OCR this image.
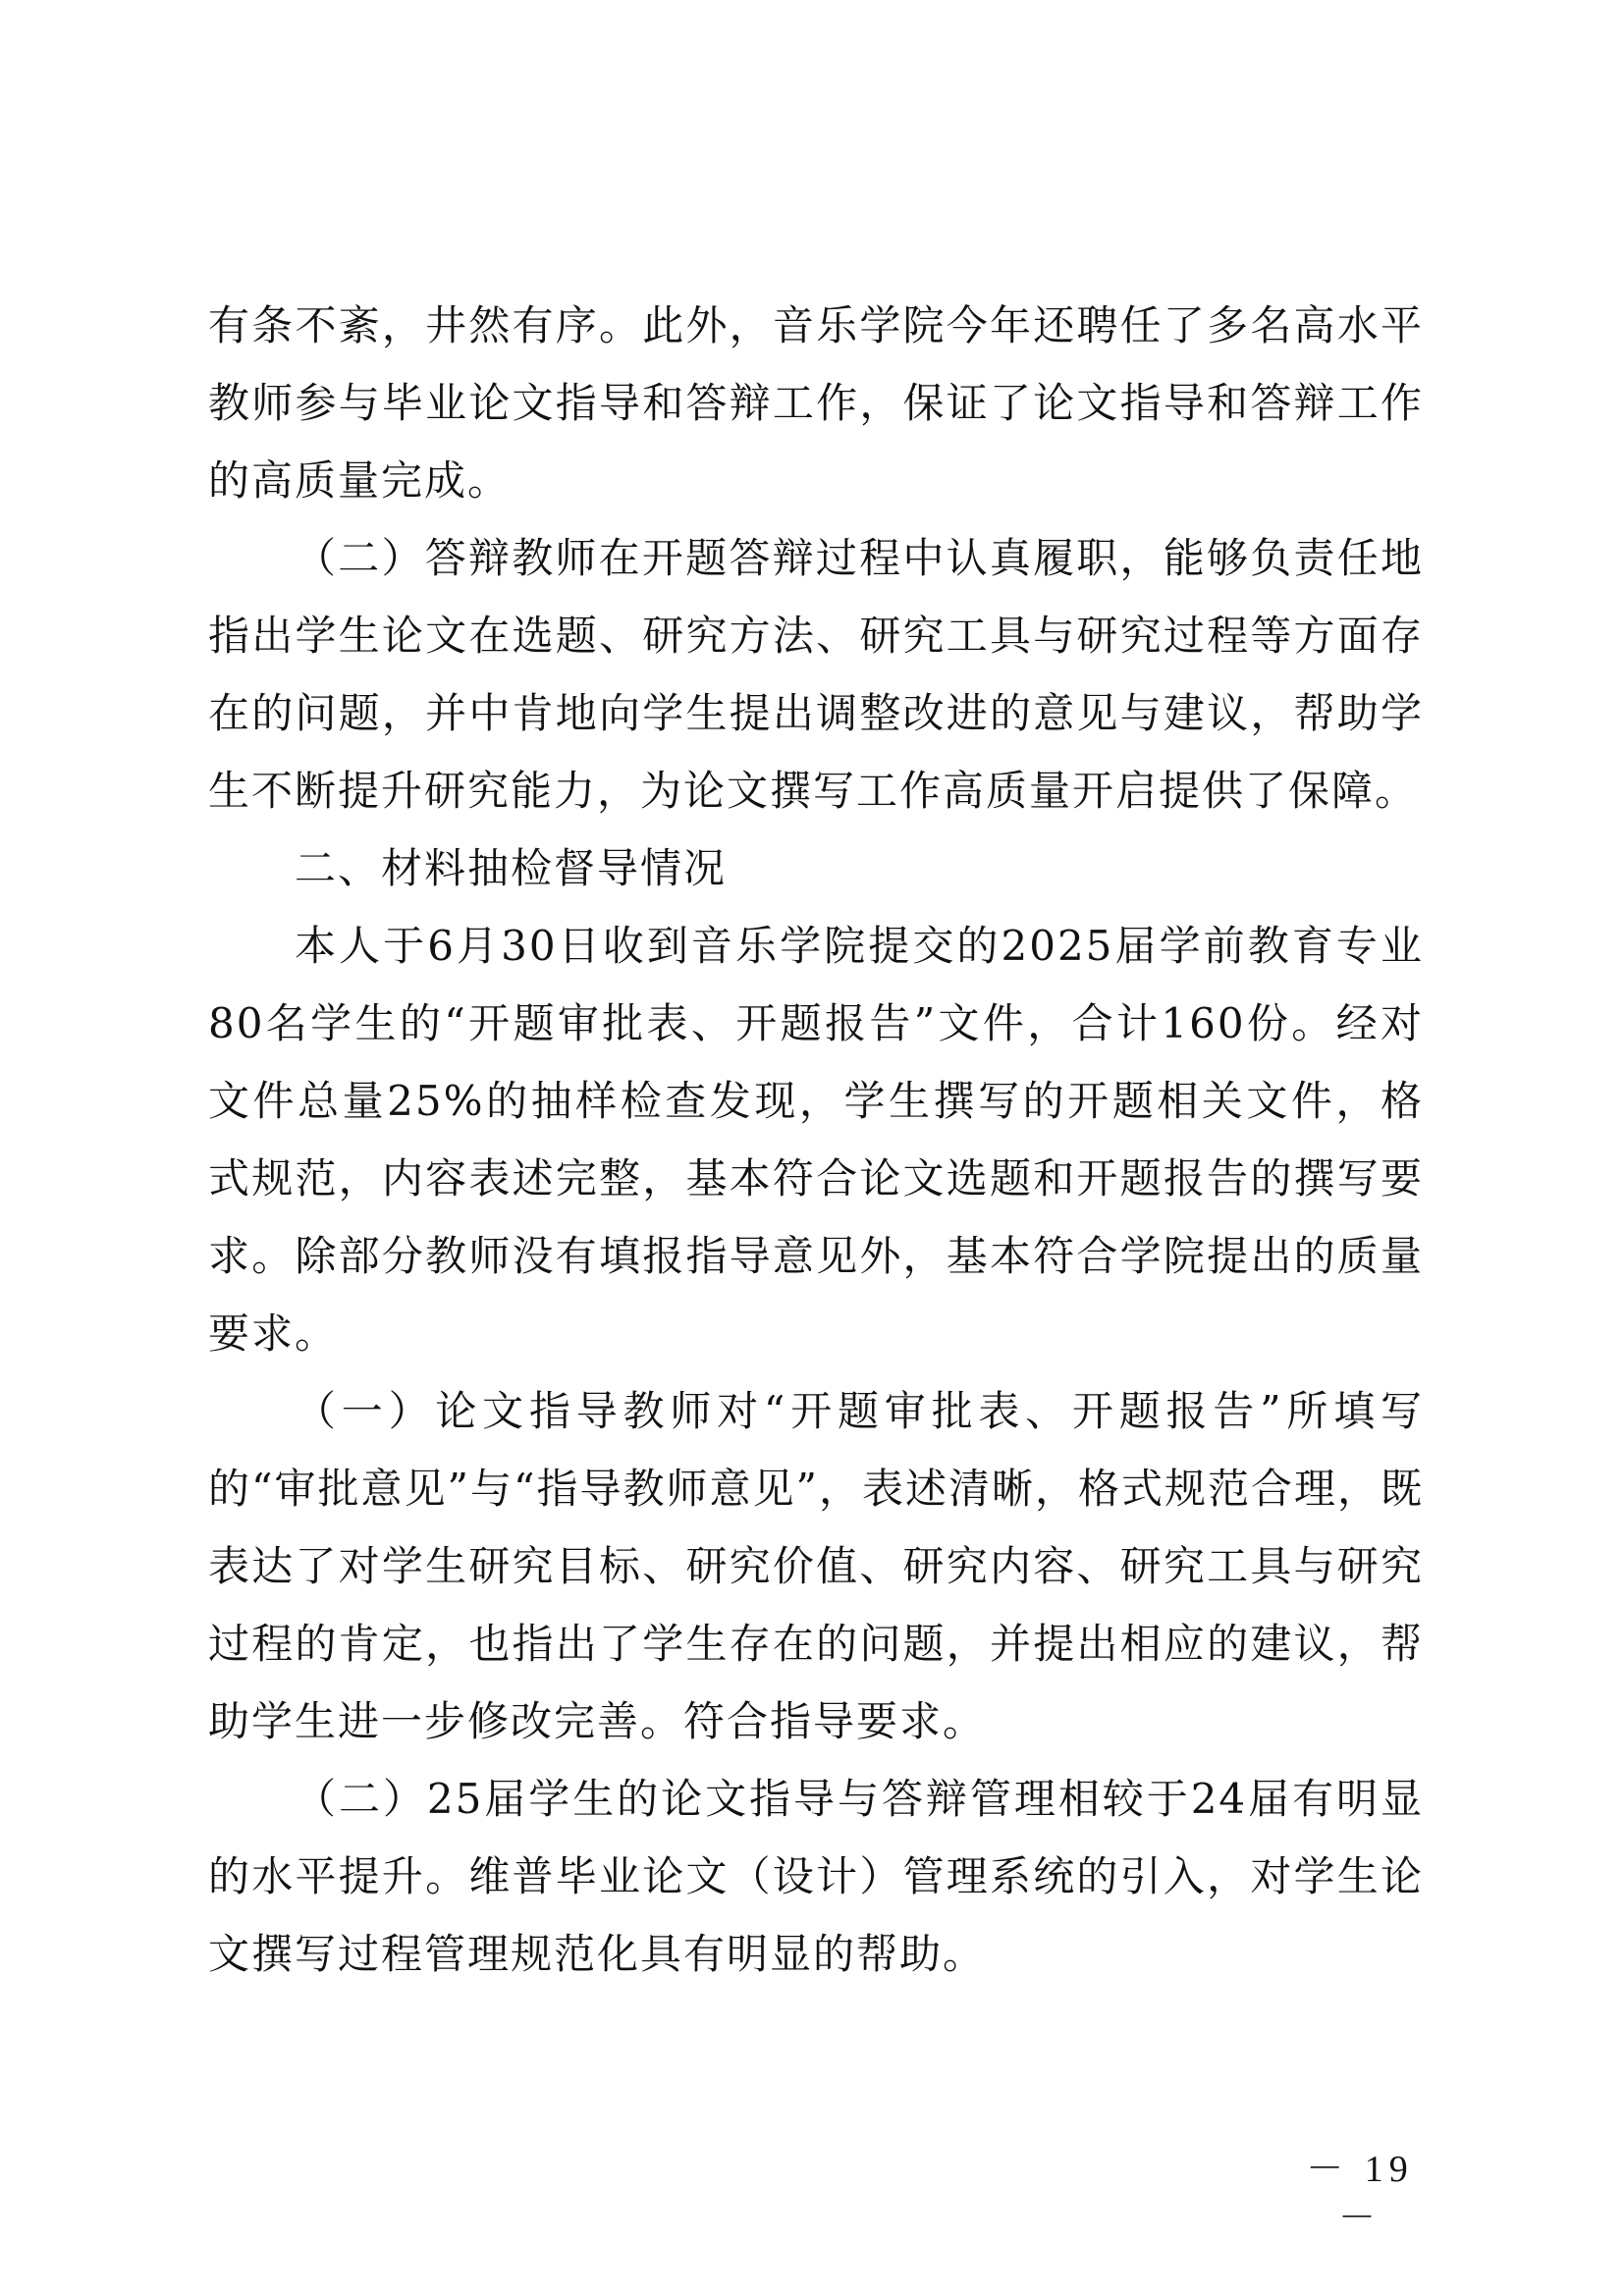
有条不紊，井然有序。此外，音乐学院今年还聘任了多名高水平教师参与毕业论文指导和答辩工作，保证了论文指导和答辩工作的高质量完成。

（二）答辩教师在开题答辩过程中认真履职，能够负责任地指出学生论文在选题、研究方法、研究工具与研究过程等方面存在的问题，并中肯地向学生提出调整改进的意见与建议，帮助学生不断提升研究能力，为论文撰写工作高质量开启提供了保障。

二、材料抽检督导情况

本人于6月30日收到音乐学院提交的2025届学前教育专业80名学生的“开题审批表、开题报告”文件，合计160份。经对文件总量25%的抽样检查发现，学生撰写的开题相关文件，格式规范，内容表述完整，基本符合论文选题和开题报告的撰写要求。除部分教师没有填报指导意见外，基本符合学院提出的质量要求。

（一）论文指导教师对“开题审批表、开题报告”所填写的“审批意见”与“指导教师意见”，表述清晰，格式规范合理，既表达了对学生研究目标、研究价值、研究内容、研究工具与研究过程的肯定，也指出了学生存在的问题，并提出相应的建议，帮助学生进一步修改完善。符合指导要求。

（二）25届学生的论文指导与答辩管理相较于24届有明显的水平提升。维普毕业论文（设计）管理系统的引入，对学生论文撰写过程管理规范化具有明显的帮助。

－ 19 －
